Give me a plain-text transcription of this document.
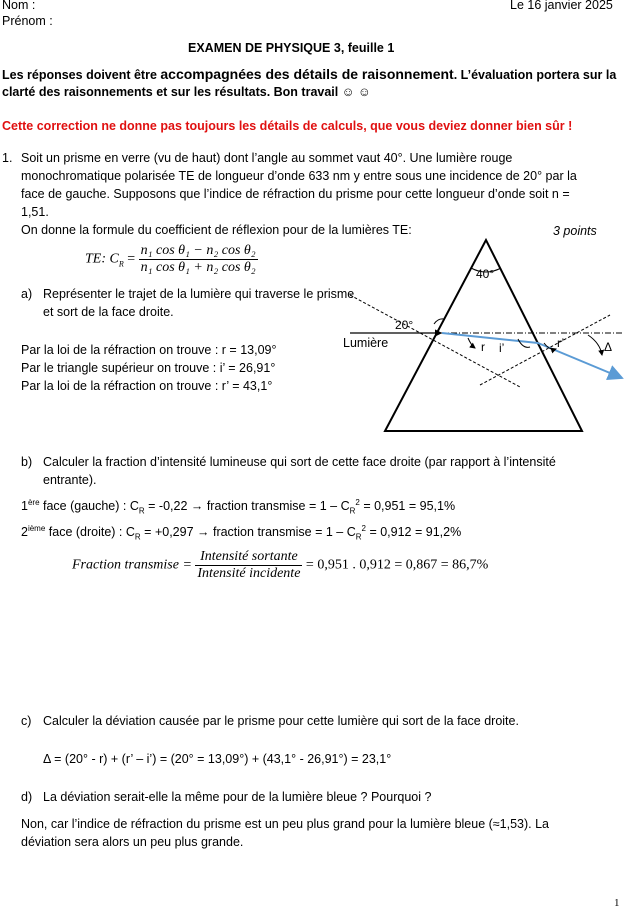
Nom :
Prénom :
Le 16 janvier 2025
EXAMEN DE PHYSIQUE 3, feuille 1
Les réponses doivent être accompagnées des détails de raisonnement. L’évaluation portera sur la
clarté des raisonnements et sur les résultats. Bon travail ☺ ☺
Cette correction ne donne pas toujours les détails de calculs, que vous deviez donner bien sûr !
1. Soit un prisme en verre (vu de haut) dont l’angle au sommet vaut 40°. Une lumière rouge
monochromatique polarisée TE de longueur d’onde 633 nm y entre sous une incidence de 20° par la
face de gauche. Supposons que l’indice de réfraction du prisme pour cette longueur d’onde soit n =
1,51.
On donne la formule du coefficient de réflexion pour de la lumières TE:	3 points
TE: $C_R = \frac{\text{n₁ cos θ₁ − n₂ cos θ₂}}{\text{n₁ cos θ₁ + n₂ cos θ₂}}$
a) Représenter le trajet de la lumière qui traverse le prisme
et sort de la face droite.
Par la loi de la réfraction on trouve : r = 13,09°
Par le triangle supérieur on trouve : i’ = 26,91°
Par la loi de la réfraction on trouve : r’ = 43,1°
40°
20°
Lumière	r i’	r’	Δ
b) Calculer la fraction d’intensité lumineuse qui sort de cette face droite (par rapport à l’intensité
entrante).
1ère face (gauche) : $C_R = -0,22$ → fraction transmise = $1 - C_R^2 = 0,951 = 95,1\%$
2ième face (droite) : $C_R = +0,297$ → fraction transmise = $1 - C_R^2 = 0,912 = 91,2\%$
Fraction transmise = $\frac{\text{Intensité sortante}}{\text{Intensité incidente}} = 0,951$ . 0,912 = 0,867 = 86,7%
c) Calculer la déviation causée par le prisme pour cette lumière qui sort de la face droite.
Δ = (20° - r) + (r’ – i’) = (20° = 13,09°) + (43,1° - 26,91°) = 23,1°
d) La déviation serait-elle la même pour de la lumière bleue ? Pourquoi ?
Non, car l’indice de réfraction du prisme est un peu plus grand pour la lumière bleue (≈1,53). La
déviation sera alors un peu plus grande.
1
